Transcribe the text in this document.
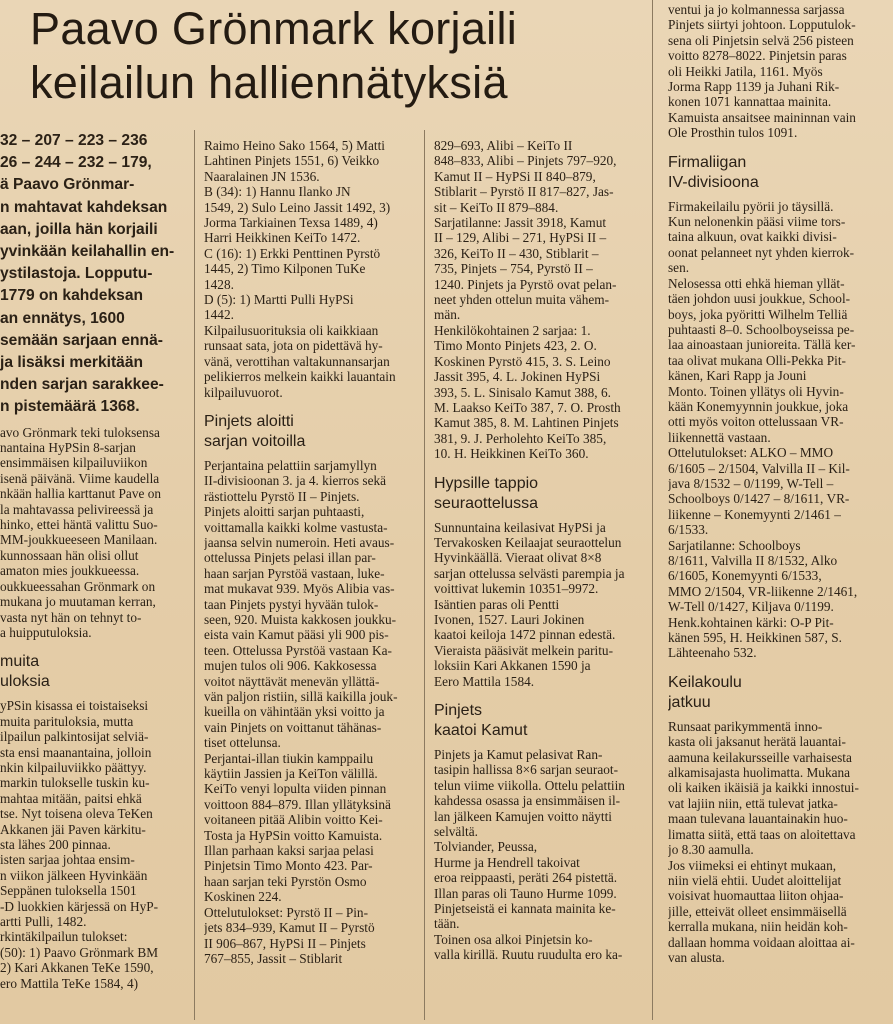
Paavo Grönmark korjaili
keilailun halliennätyksiä

32 – 207 – 223 – 236

26 – 244 – 232 – 179,

ä Paavo Grönmar-

n mahtavat kahdeksan

aan, joilla hän korjaili

yvinkään keilahallin en-

ystilastoja. Lopputu-

1779 on kahdeksan

an ennätys, 1600

semään sarjaan ennä-

ja lisäksi merkitään

nden sarjan sarakkee-

n pistemäärä 1368.

avo Grönmark teki tuloksensa

nantaina HyPSin 8-sarjan

ensimmäisen kilpailuviikon

isenä päivänä. Viime kaudella

nkään hallia karttanut Pave on

la mahtavassa pelivireessä ja

hinko, ettei häntä valittu Suo-

MM-joukkueeseen Manilaan.

kunnossaan hän olisi ollut

amaton mies joukkueessa.

oukkueessahan Grönmark on

mukana jo muutaman kerran,

vasta nyt hän on tehnyt to-

a huipputuloksia.

muita

uloksia

yPSin kisassa ei toistaiseksi

muita parituloksia, mutta

ilpailun palkintosijat selviä-

sta ensi maanantaina, jolloin

nkin kilpailuviikko päättyy.

markin tulokselle tuskin ku-

mahtaa mitään, paitsi ehkä

tse. Nyt toisena oleva TeKen

Akkanen jäi Paven kärkitu-

sta lähes 200 pinnaa.

isten sarjaa johtaa ensim-

n viikon jälkeen Hyvinkään

Seppänen tuloksella 1501

-D luokkien kärjessä on HyP-

artti Pulli, 1482.

rkintäkilpailun tulokset:

(50): 1) Paavo Grönmark BM

2) Kari Akkanen TeKe 1590,

ero Mattila TeKe 1584, 4)

Raimo Heino Sako 1564, 5) Matti

Lahtinen Pinjets 1551, 6) Veikko

Naaralainen JN 1536.

B (34): 1) Hannu Ilanko JN

1549, 2) Sulo Leino Jassit 1492, 3)

Jorma Tarkiainen Texsa 1489, 4)

Harri Heikkinen KeiTo 1472.

C (16): 1) Erkki Penttinen Pyrstö

1445, 2) Timo Kilponen TuKe

1428.

D (5): 1) Martti Pulli HyPSi

1442.

Kilpailusuorituksia oli kaikkiaan

runsaat sata, jota on pidettävä hy-

vänä, verottihan valtakunnansarjan

pelikierros melkein kaikki lauantain

kilpailuvuorot.

Pinjets aloitti

sarjan voitoilla

Perjantaina pelattiin sarjamyllyn

II-divisioonan 3. ja 4. kierros sekä

rästiottelu Pyrstö II – Pinjets.

Pinjets aloitti sarjan puhtaasti,

voittamalla kaikki kolme vastusta-

jaansa selvin numeroin. Heti avaus-

ottelussa Pinjets pelasi illan par-

haan sarjan Pyrstöä vastaan, luke-

mat mukavat 939. Myös Alibia vas-

taan Pinjets pystyi hyvään tulok-

seen, 920. Muista kakkosen joukku-

eista vain Kamut pääsi yli 900 pis-

teen. Ottelussa Pyrstöä vastaan Ka-

mujen tulos oli 906. Kakkosessa

voitot näyttävät menevän yllättä-

vän paljon ristiin, sillä kaikilla jouk-

kueilla on vähintään yksi voitto ja

vain Pinjets on voittanut tähänas-

tiset ottelunsa.

Perjantai-illan tiukin kamppailu

käytiin Jassien ja KeiTon välillä.

KeiTo venyi lopulta viiden pinnan

voittoon 884–879. Illan yllätyksinä

voitaneen pitää Alibin voitto Kei-

Tosta ja HyPSin voitto Kamuista.

Illan parhaan kaksi sarjaa pelasi

Pinjetsin Timo Monto 423. Par-

haan sarjan teki Pyrstön Osmo

Koskinen 224.

Ottelutulokset: Pyrstö II – Pin-

jets 834–939, Kamut II – Pyrstö

II 906–867, HyPSi II – Pinjets

767–855, Jassit – Stiblarit

829–693, Alibi – KeiTo II

848–833, Alibi – Pinjets 797–920,

Kamut II – HyPSi II 840–879,

Stiblarit – Pyrstö II 817–827, Jas-

sit – KeiTo II 879–884.

Sarjatilanne: Jassit 3918, Kamut

II – 129, Alibi – 271, HyPSi II –

326, KeiTo II – 430, Stiblarit –

735, Pinjets – 754, Pyrstö II –

1240. Pinjets ja Pyrstö ovat pelan-

neet yhden ottelun muita vähem-

män.

Henkilökohtainen 2 sarjaa: 1.

Timo Monto Pinjets 423, 2. O.

Koskinen Pyrstö 415, 3. S. Leino

Jassit 395, 4. L. Jokinen HyPSi

393, 5. L. Sinisalo Kamut 388, 6.

M. Laakso KeiTo 387, 7. O. Prosth

Kamut 385, 8. M. Lahtinen Pinjets

381, 9. J. Perholehto KeiTo 385,

10. H. Heikkinen KeiTo 360.

Hypsille tappio

seuraottelussa

Sunnuntaina keilasivat HyPSi ja

Tervakosken Keilaajat seuraottelun

Hyvinkäällä. Vieraat olivat 8×8

sarjan ottelussa selvästi parempia ja

voittivat lukemin 10351–9972.

Isäntien paras oli Pentti

Ivonen, 1527. Lauri Jokinen

kaatoi keiloja 1472 pinnan edestä.

Vieraista pääsivät melkein paritu-

loksiin Kari Akkanen 1590 ja

Eero Mattila 1584.

Pinjets

kaatoi Kamut

Pinjets ja Kamut pelasivat Ran-

tasipin hallissa 8×6 sarjan seuraot-

telun viime viikolla. Ottelu pelattiin

kahdessa osassa ja ensimmäisen il-

lan jälkeen Kamujen voitto näytti

selvältä.

Tolviander, Peussa,

Hurme ja Hendrell takoivat

eroa reippaasti, peräti 264 pistettä.

Illan paras oli Tauno Hurme 1099.

Pinjetseistä ei kannata mainita ke-

tään.

Toinen osa alkoi Pinjetsin ko-

valla kirillä. Ruutu ruudulta ero ka-

ventui ja jo kolmannessa sarjassa

Pinjets siirtyi johtoon. Lopputulok-

sena oli Pinjetsin selvä 256 pisteen

voitto 8278–8022. Pinjetsin paras

oli Heikki Jatila, 1161. Myös

Jorma Rapp 1139 ja Juhani Rik-

konen 1071 kannattaa mainita.

Kamuista ansaitsee maininnan vain

Ole Prosthin tulos 1091.

Firmaliigan

IV-divisioona

Firmakeilailu pyörii jo täysillä.

Kun nelonenkin pääsi viime tors-

taina alkuun, ovat kaikki divisi-

oonat pelanneet nyt yhden kierrok-

sen.

Nelosessa otti ehkä hieman yllät-

täen johdon uusi joukkue, School-

boys, joka pyöritti Wilhelm Telliä

puhtaasti 8–0. Schoolboyseissa pe-

laa ainoastaan junioreita. Tällä ker-

taa olivat mukana Olli-Pekka Pit-

känen, Kari Rapp ja Jouni

Monto. Toinen yllätys oli Hyvin-

kään Konemyynnin joukkue, joka

otti myös voiton ottelussaan VR-

liikennettä vastaan.

Ottelutulokset: ALKO – MMO

6/1605 – 2/1504, Valvilla II – Kil-

java 8/1532 – 0/1199, W-Tell –

Schoolboys 0/1427 – 8/1611, VR-

liikenne – Konemyynti 2/1461 –

6/1533.

Sarjatilanne: Schoolboys

8/1611, Valvilla II 8/1532, Alko

6/1605, Konemyynti 6/1533,

MMO 2/1504, VR-liikenne 2/1461,

W-Tell 0/1427, Kiljava 0/1199.

Henk.kohtainen kärki: O-P Pit-

känen 595, H. Heikkinen 587, S.

Lähteenaho 532.

Keilakoulu

jatkuu

Runsaat parikymmentä inno-

kasta oli jaksanut herätä lauantai-

aamuna keilakursseille varhaisesta

alkamisajasta huolimatta. Mukana

oli kaiken ikäisiä ja kaikki innostui-

vat lajiin niin, että tulevat jatka-

maan tulevana lauantainakin huo-

limatta siitä, että taas on aloitettava

jo 8.30 aamulla.

Jos viimeksi ei ehtinyt mukaan,

niin vielä ehtii. Uudet aloittelijat

voisivat huomauttaa liiton ohjaa-

jille, etteivät olleet ensimmäisellä

kerralla mukana, niin heidän koh-

dallaan homma voidaan aloittaa ai-

van alusta.
